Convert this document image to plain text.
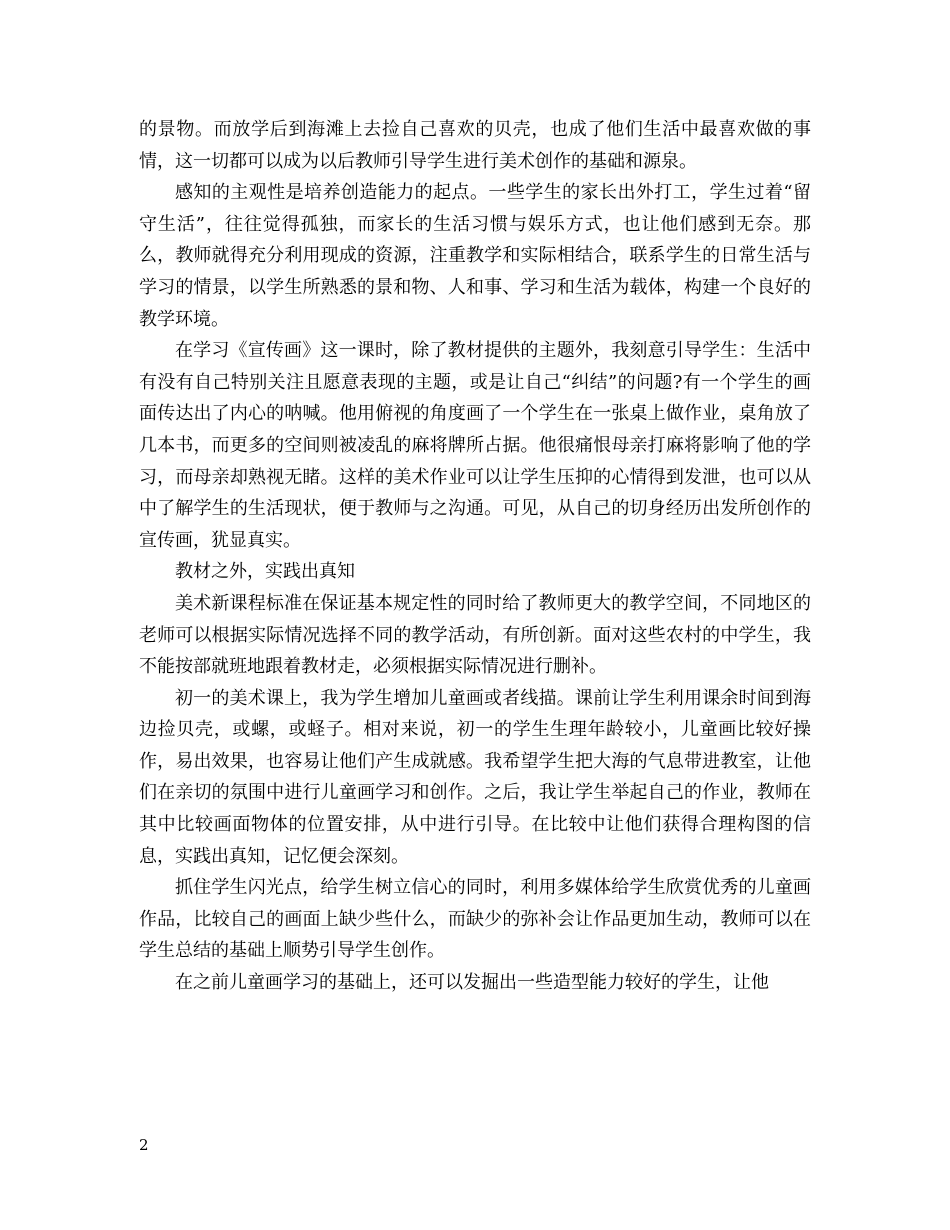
的景物。而放学后到海滩上去捡自己喜欢的贝壳，也成了他们生活中最喜欢做的事情，这一切都可以成为以后教师引导学生进行美术创作的基础和源泉。

感知的主观性是培养创造能力的起点。一些学生的家长出外打工，学生过着“留守生活”，往往觉得孤独，而家长的生活习惯与娱乐方式，也让他们感到无奈。那么，教师就得充分利用现成的资源，注重教学和实际相结合，联系学生的日常生活与学习的情景，以学生所熟悉的景和物、人和事、学习和生活为载体，构建一个良好的教学环境。

在学习《宣传画》这一课时，除了教材提供的主题外，我刻意引导学生：生活中有没有自己特别关注且愿意表现的主题，或是让自己“纠结”的问题?有一个学生的画面传达出了内心的呐喊。他用俯视的角度画了一个学生在一张桌上做作业，桌角放了几本书，而更多的空间则被凌乱的麻将牌所占据。他很痛恨母亲打麻将影响了他的学习，而母亲却熟视无睹。这样的美术作业可以让学生压抑的心情得到发泄，也可以从中了解学生的生活现状，便于教师与之沟通。可见，从自己的切身经历出发所创作的宣传画，犹显真实。

教材之外，实践出真知

美术新课程标准在保证基本规定性的同时给了教师更大的教学空间，不同地区的老师可以根据实际情况选择不同的教学活动，有所创新。面对这些农村的中学生，我不能按部就班地跟着教材走，必须根据实际情况进行删补。

初一的美术课上，我为学生增加儿童画或者线描。课前让学生利用课余时间到海边捡贝壳，或螺，或蛏子。相对来说，初一的学生生理年龄较小，儿童画比较好操作，易出效果，也容易让他们产生成就感。我希望学生把大海的气息带进教室，让他们在亲切的氛围中进行儿童画学习和创作。之后，我让学生举起自己的作业，教师在其中比较画面物体的位置安排，从中进行引导。在比较中让他们获得合理构图的信息，实践出真知，记忆便会深刻。

抓住学生闪光点，给学生树立信心的同时，利用多媒体给学生欣赏优秀的儿童画作品，比较自己的画面上缺少些什么，而缺少的弥补会让作品更加生动，教师可以在学生总结的基础上顺势引导学生创作。

在之前儿童画学习的基础上，还可以发掘出一些造型能力较好的学生，让他

2
